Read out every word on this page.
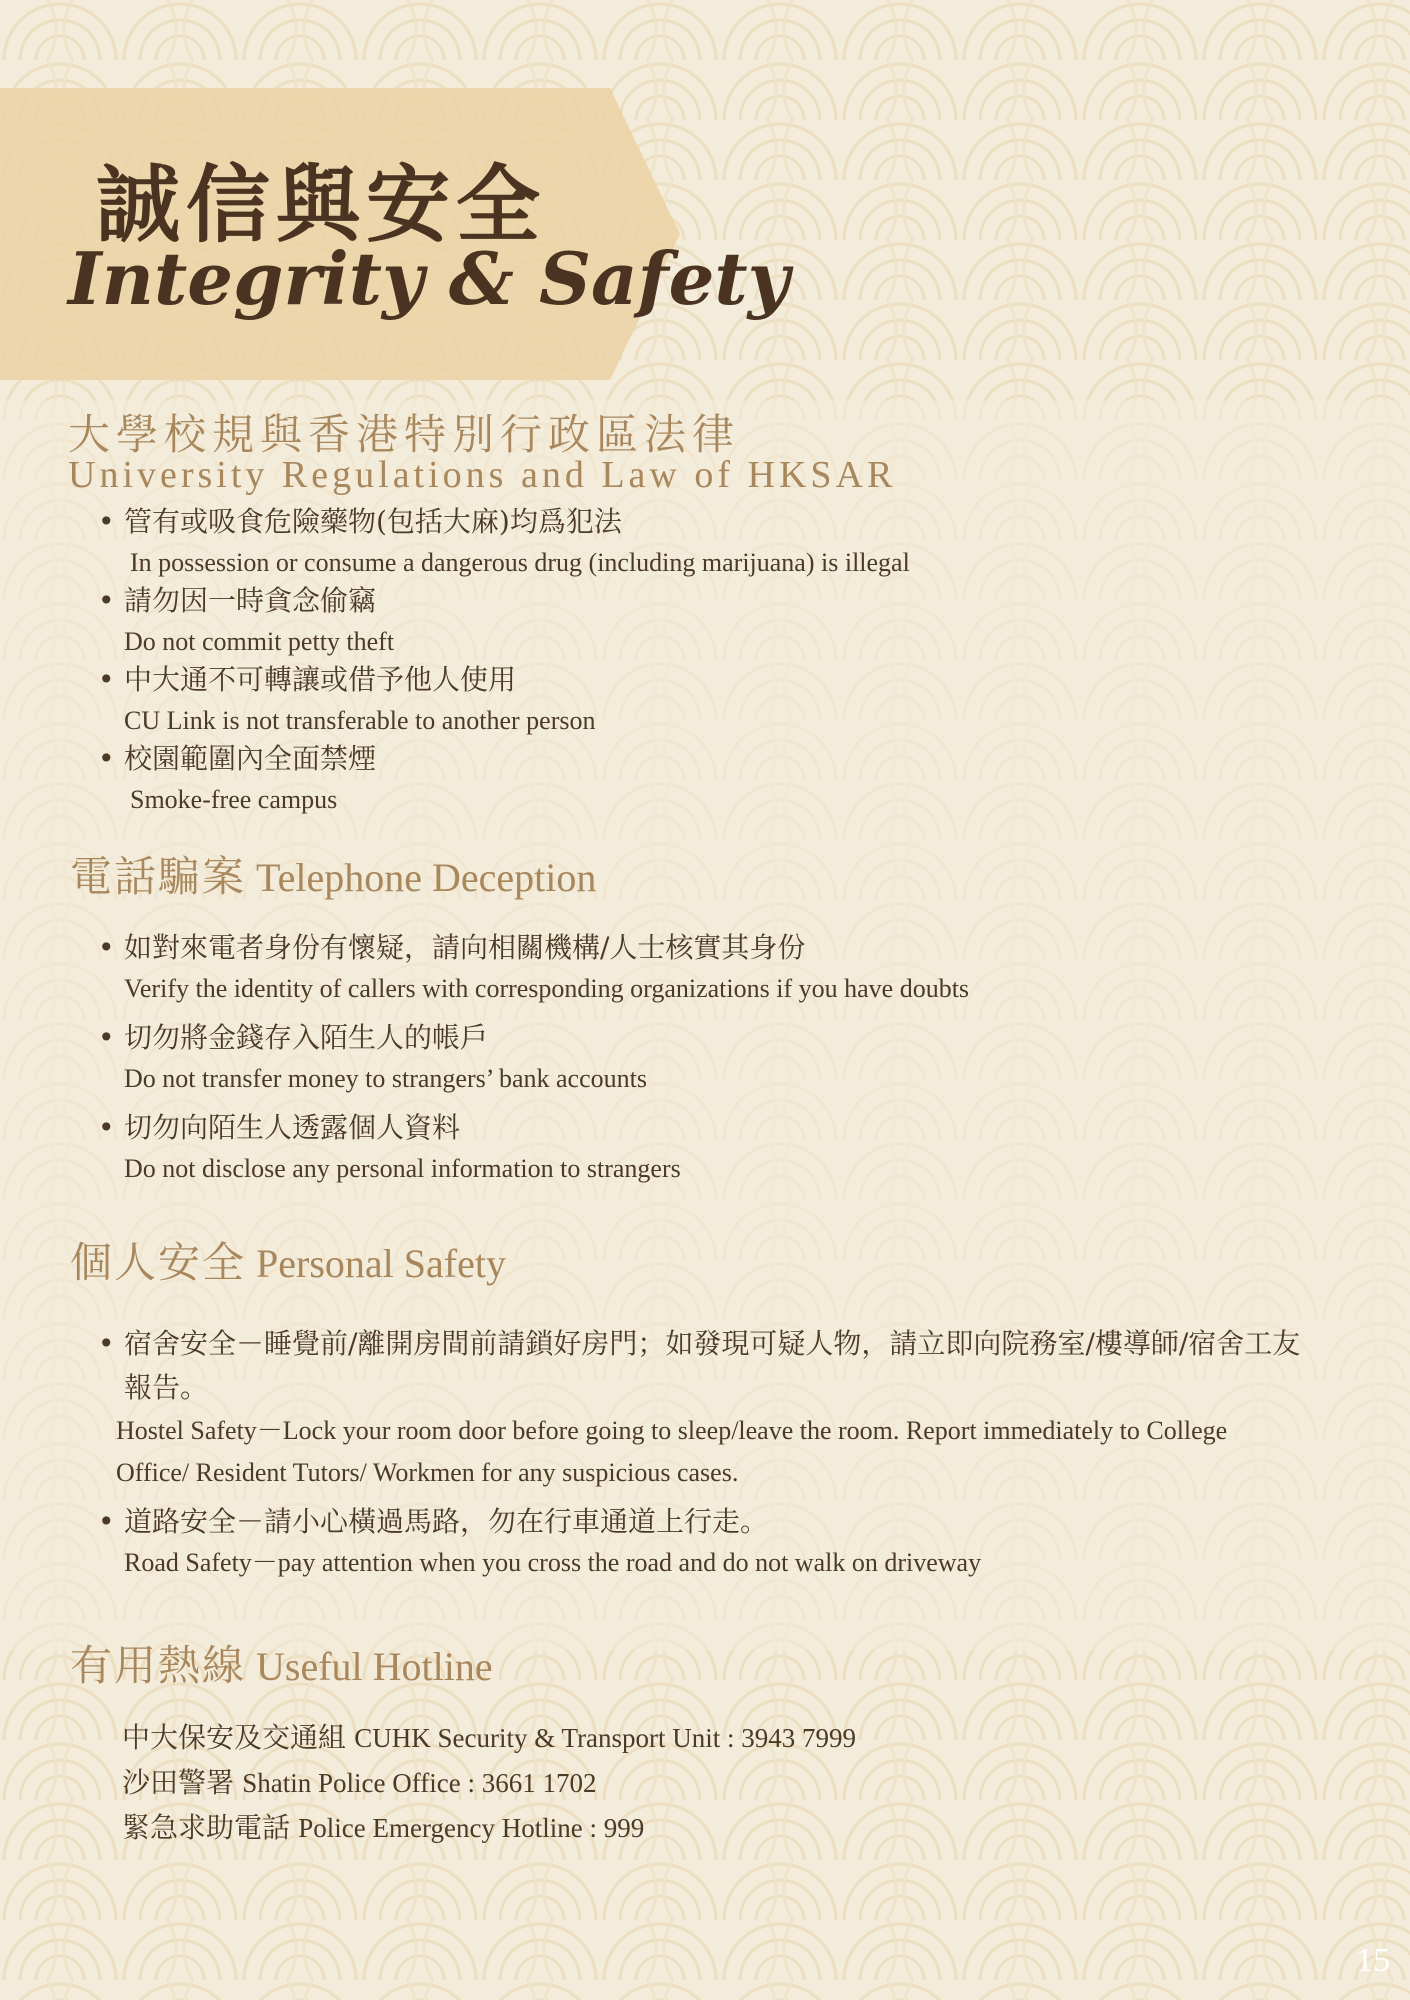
誠信與安全
Integrity & Safety
大學校規與香港特別行政區法律
University Regulations and Law of HKSAR
• 管有或吸食危險藥物(包括大麻)均爲犯法
In possession or consume a dangerous drug (including marijuana) is illegal
• 請勿因一時貪念偷竊
Do not commit petty theft
• 中大通不可轉讓或借予他人使用
CU Link is not transferable to another person
• 校園範圍內全面禁煙
Smoke-free campus
電話騙案 Telephone Deception
• 如對來電者身份有懷疑，請向相關機構/人士核實其身份
Verify the identity of callers with corresponding organizations if you have doubts
• 切勿將金錢存入陌生人的帳戶
Do not transfer money to strangers’ bank accounts
• 切勿向陌生人透露個人資料
Do not disclose any personal information to strangers
個人安全 Personal Safety
• 宿舍安全－睡覺前/離開房間前請鎖好房門；如發現可疑人物，請立即向院務室/樓導師/宿舍工友報告。
Hostel Safety－Lock your room door before going to sleep/leave the room. Report immediately to College Office/ Resident Tutors/ Workmen for any suspicious cases.
• 道路安全－請小心橫過馬路，勿在行車通道上行走。
Road Safety－pay attention when you cross the road and do not walk on driveway
有用熱線 Useful Hotline
中大保安及交通組 CUHK Security & Transport Unit : 3943 7999
沙田警署 Shatin Police Office : 3661 1702
緊急求助電話 Police Emergency Hotline : 999
15
